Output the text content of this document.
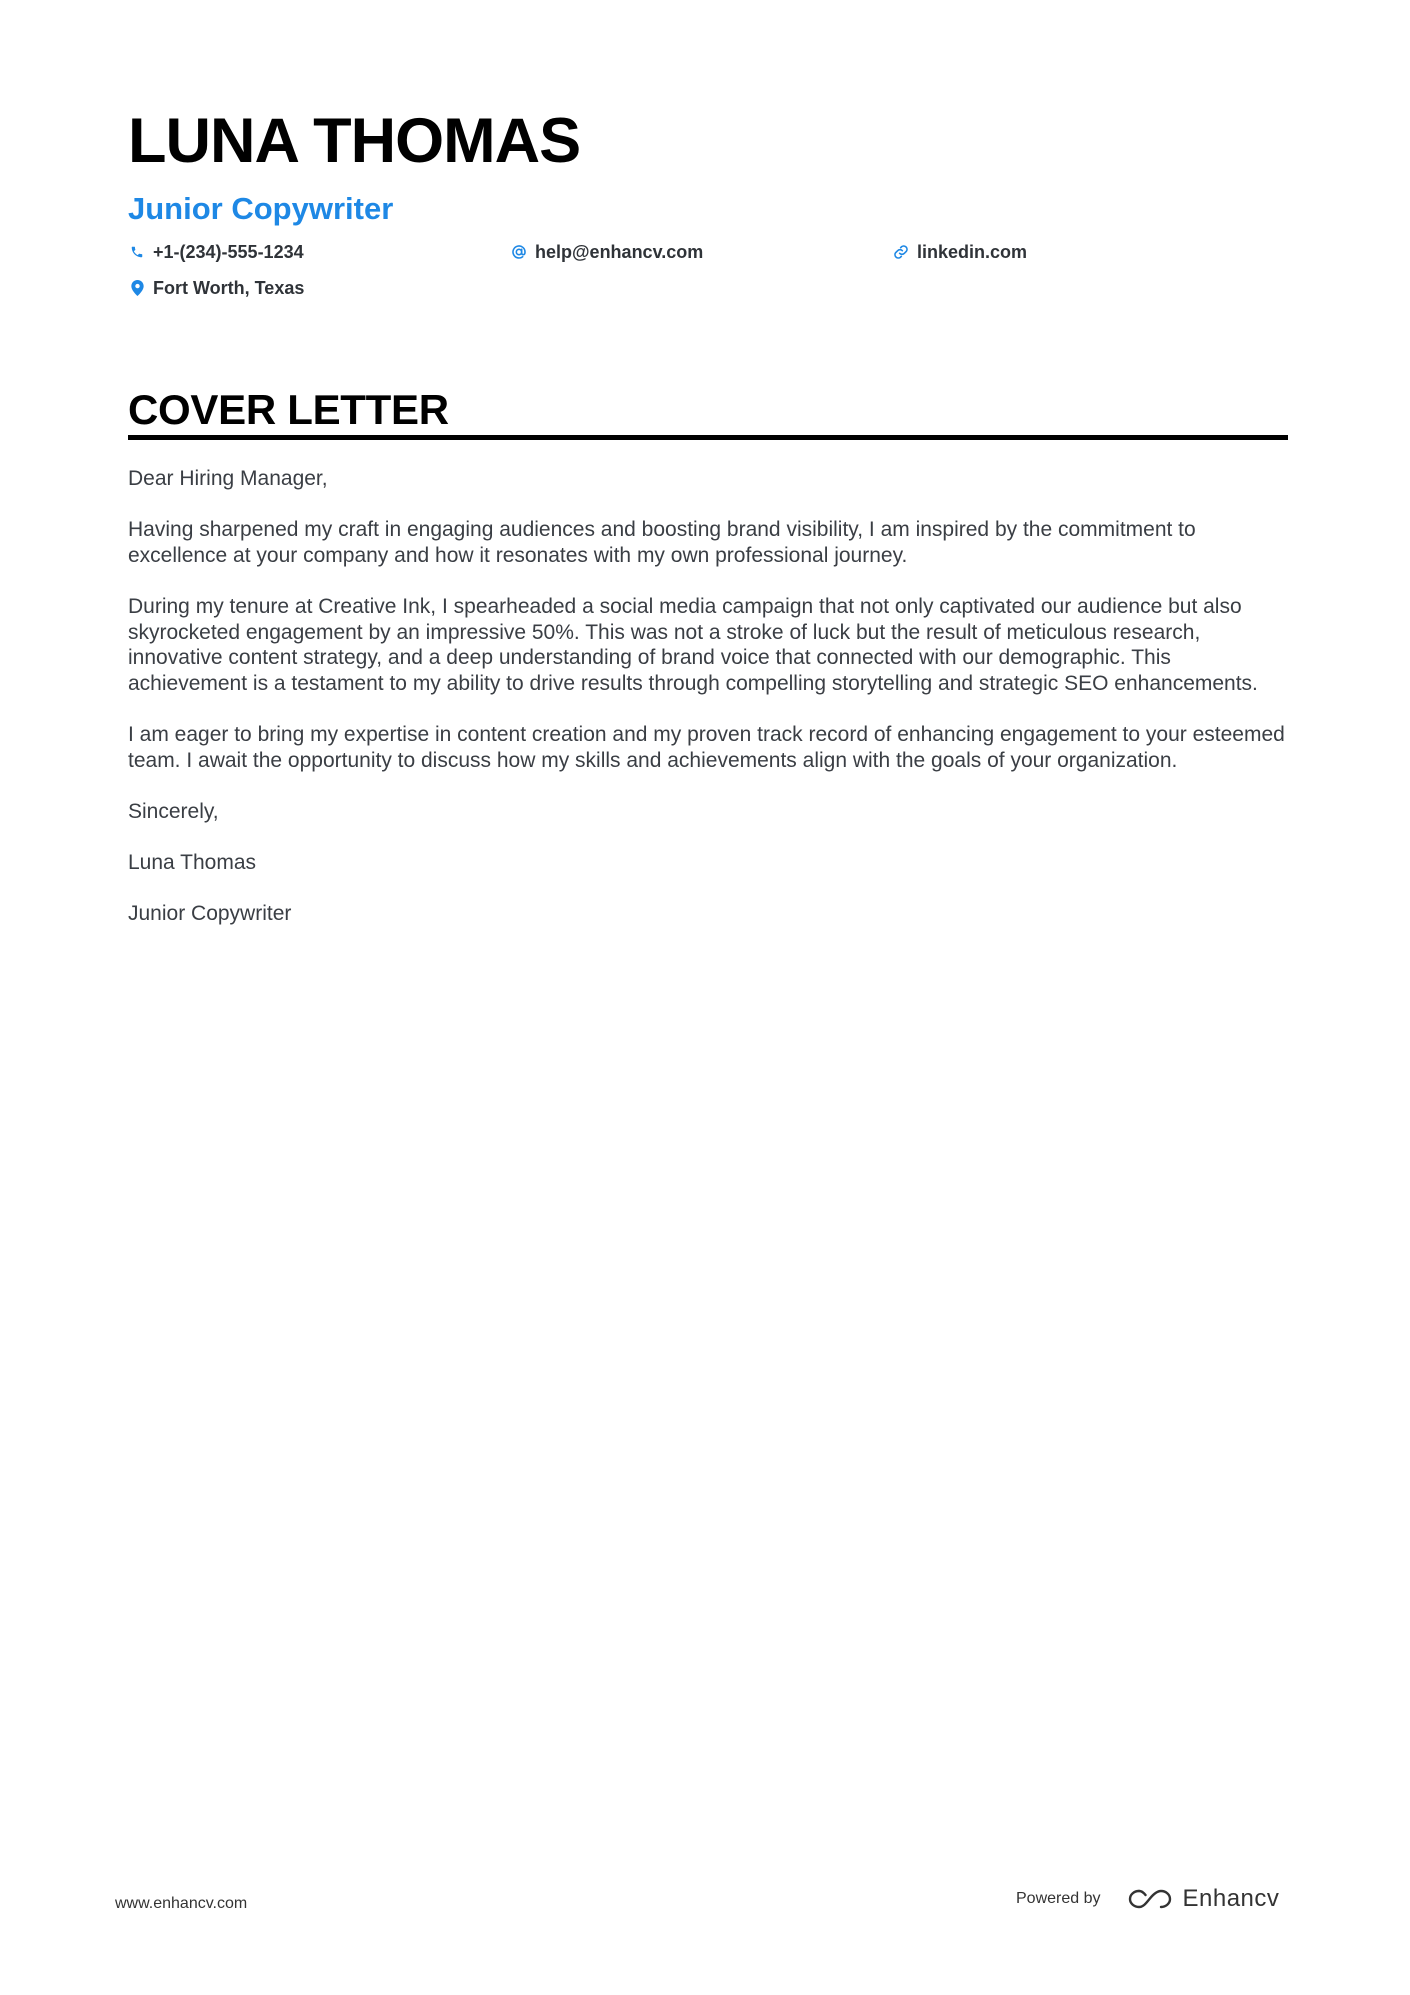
LUNA THOMAS
Junior Copywriter
+1-(234)-555-1234	help@enhancv.com	linkedin.com
Fort Worth, Texas
COVER LETTER

Dear Hiring Manager,

Having sharpened my craft in engaging audiences and boosting brand visibility, I am inspired by the commitment to excellence at your company and how it resonates with my own professional journey.

During my tenure at Creative Ink, I spearheaded a social media campaign that not only captivated our audience but also skyrocketed engagement by an impressive 50%. This was not a stroke of luck but the result of meticulous research, innovative content strategy, and a deep understanding of brand voice that connected with our demographic. This achievement is a testament to my ability to drive results through compelling storytelling and strategic SEO enhancements.

I am eager to bring my expertise in content creation and my proven track record of enhancing engagement to your esteemed team. I await the opportunity to discuss how my skills and achievements align with the goals of your organization.

Sincerely,

Luna Thomas

Junior Copywriter

www.enhancv.com	Powered by	Enhancv
